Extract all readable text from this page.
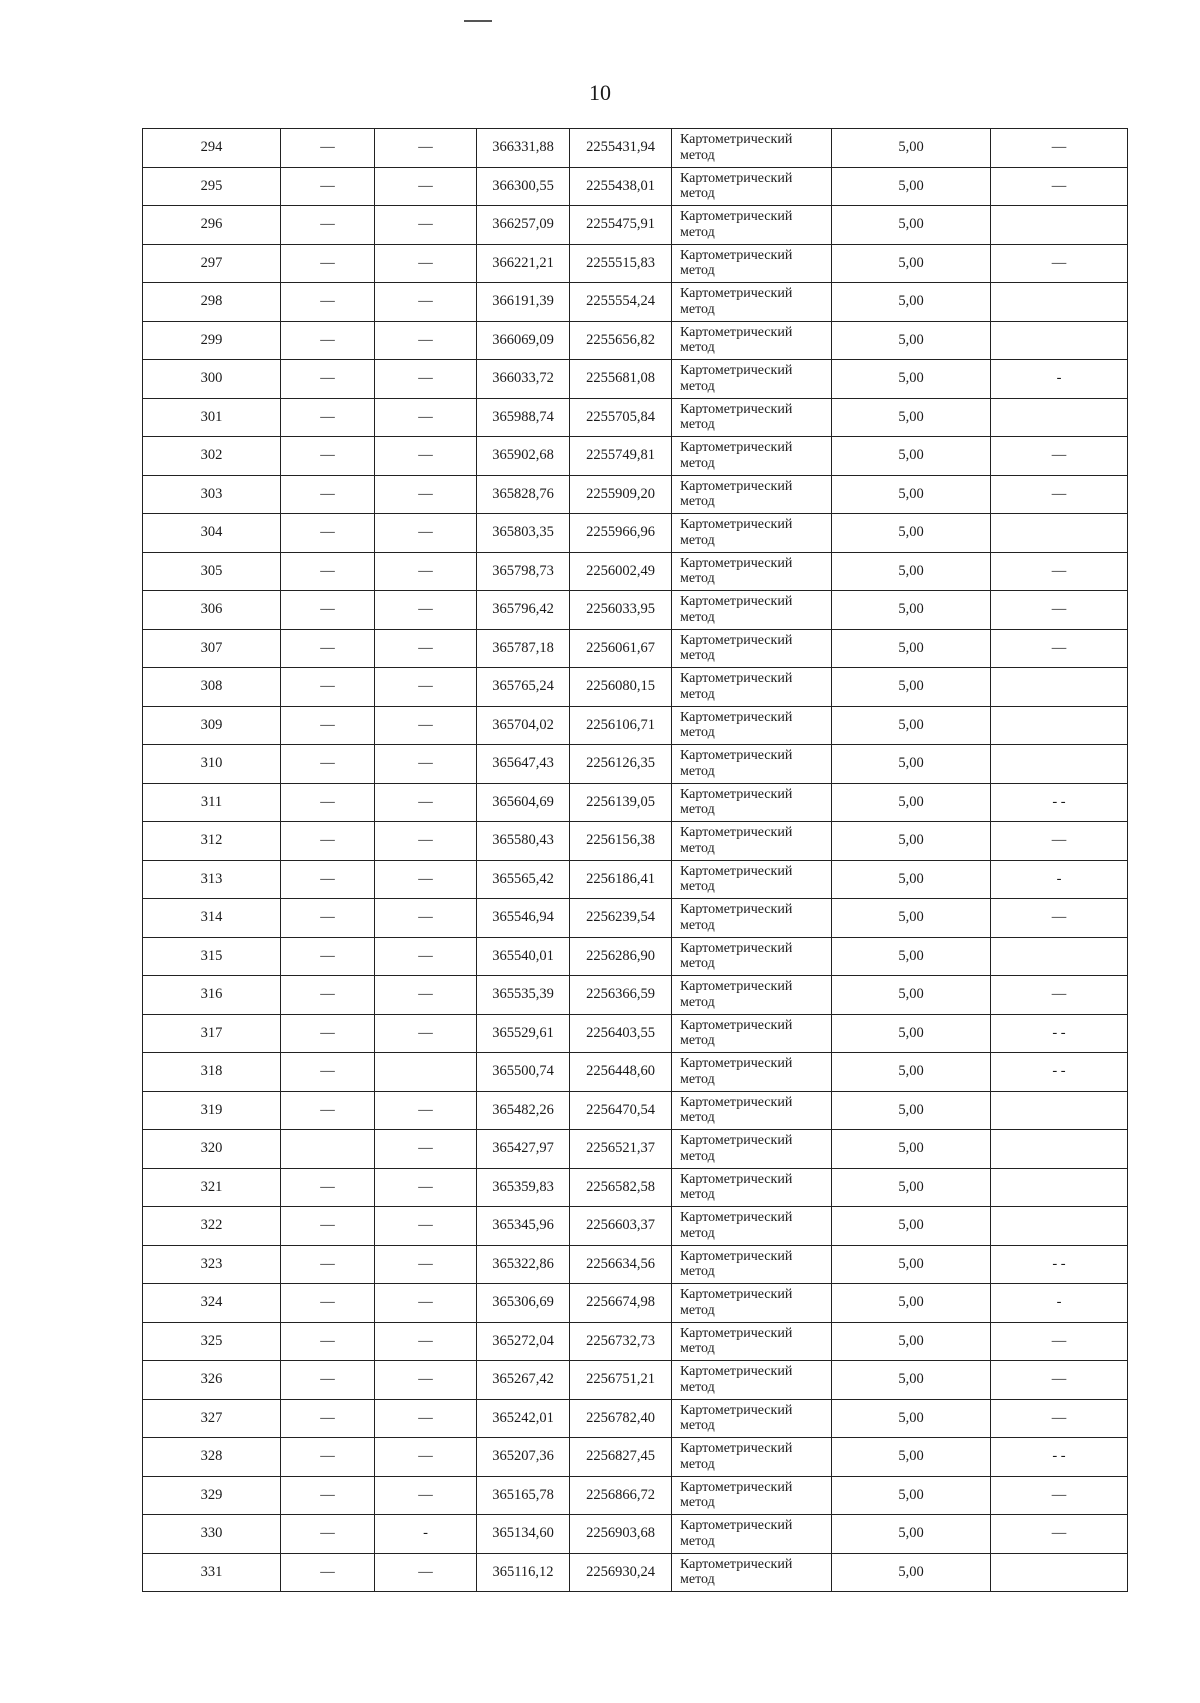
10
294	—	—	366331,88	2255431,94	Картометрический
метод	5,00	—
295	—	—	366300,55	2255438,01	Картометрический
метод	5,00	—
296	—	—	366257,09	2255475,91	Картометрический
метод	5,00	
297	—	—	366221,21	2255515,83	Картометрический
метод	5,00	—
298	—	—	366191,39	2255554,24	Картометрический
метод	5,00	
299	—	—	366069,09	2255656,82	Картометрический
метод	5,00	
300	—	—	366033,72	2255681,08	Картометрический
метод	5,00	-
301	—	—	365988,74	2255705,84	Картометрический
метод	5,00	
302	—	—	365902,68	2255749,81	Картометрический
метод	5,00	—
303	—	—	365828,76	2255909,20	Картометрический
метод	5,00	—
304	—	—	365803,35	2255966,96	Картометрический
метод	5,00	
305	—	—	365798,73	2256002,49	Картометрический
метод	5,00	—
306	—	—	365796,42	2256033,95	Картометрический
метод	5,00	—
307	—	—	365787,18	2256061,67	Картометрический
метод	5,00	—
308	—	—	365765,24	2256080,15	Картометрический
метод	5,00	
309	—	—	365704,02	2256106,71	Картометрический
метод	5,00	
310	—	—	365647,43	2256126,35	Картометрический
метод	5,00	
311	—	—	365604,69	2256139,05	Картометрический
метод	5,00	- -
312	—	—	365580,43	2256156,38	Картометрический
метод	5,00	—
313	—	—	365565,42	2256186,41	Картометрический
метод	5,00	-
314	—	—	365546,94	2256239,54	Картометрический
метод	5,00	—
315	—	—	365540,01	2256286,90	Картометрический
метод	5,00	
316	—	—	365535,39	2256366,59	Картометрический
метод	5,00	—
317	—	—	365529,61	2256403,55	Картометрический
метод	5,00	- -
318	—		365500,74	2256448,60	Картометрический
метод	5,00	- -
319	—	—	365482,26	2256470,54	Картометрический
метод	5,00	
320		—	365427,97	2256521,37	Картометрический
метод	5,00	
321	—	—	365359,83	2256582,58	Картометрический
метод	5,00	
322	—	—	365345,96	2256603,37	Картометрический
метод	5,00	
323	—	—	365322,86	2256634,56	Картометрический
метод	5,00	- -
324	—	—	365306,69	2256674,98	Картометрический
метод	5,00	-
325	—	—	365272,04	2256732,73	Картометрический
метод	5,00	—
326	—	—	365267,42	2256751,21	Картометрический
метод	5,00	—
327	—	—	365242,01	2256782,40	Картометрический
метод	5,00	—
328	—	—	365207,36	2256827,45	Картометрический
метод	5,00	- -
329	—	—	365165,78	2256866,72	Картометрический
метод	5,00	—
330	—	-	365134,60	2256903,68	Картометрический
метод	5,00	—
331	—	—	365116,12	2256930,24	Картометрический
метод	5,00	
